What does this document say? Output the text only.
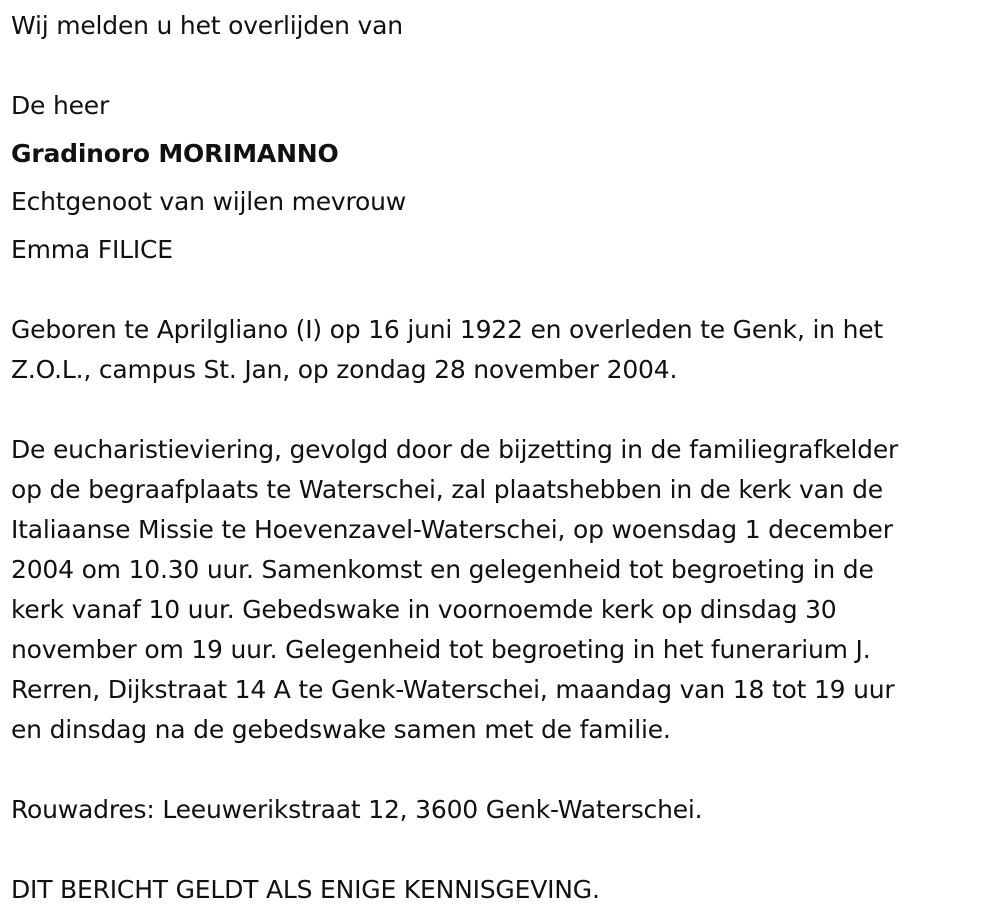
Wij melden u het overlijden van
De heer
Gradinoro MORIMANNO
Echtgenoot van wijlen mevrouw
Emma FILICE
Geboren te Aprilgliano (I) op 16 juni 1922 en overleden te Genk, in het
Z.O.L., campus St. Jan, op zondag 28 november 2004.
De eucharistieviering, gevolgd door de bijzetting in de familiegrafkelder
op de begraafplaats te Waterschei, zal plaatshebben in de kerk van de
Italiaanse Missie te Hoevenzavel-Waterschei, op woensdag 1 december
2004 om 10.30 uur. Samenkomst en gelegenheid tot begroeting in de
kerk vanaf 10 uur. Gebedswake in voornoemde kerk op dinsdag 30
november om 19 uur. Gelegenheid tot begroeting in het funerarium J.
Rerren, Dijkstraat 14 A te Genk-Waterschei, maandag van 18 tot 19 uur
en dinsdag na de gebedswake samen met de familie.
Rouwadres: Leeuwerikstraat 12, 3600 Genk-Waterschei.
DIT BERICHT GELDT ALS ENIGE KENNISGEVING.
